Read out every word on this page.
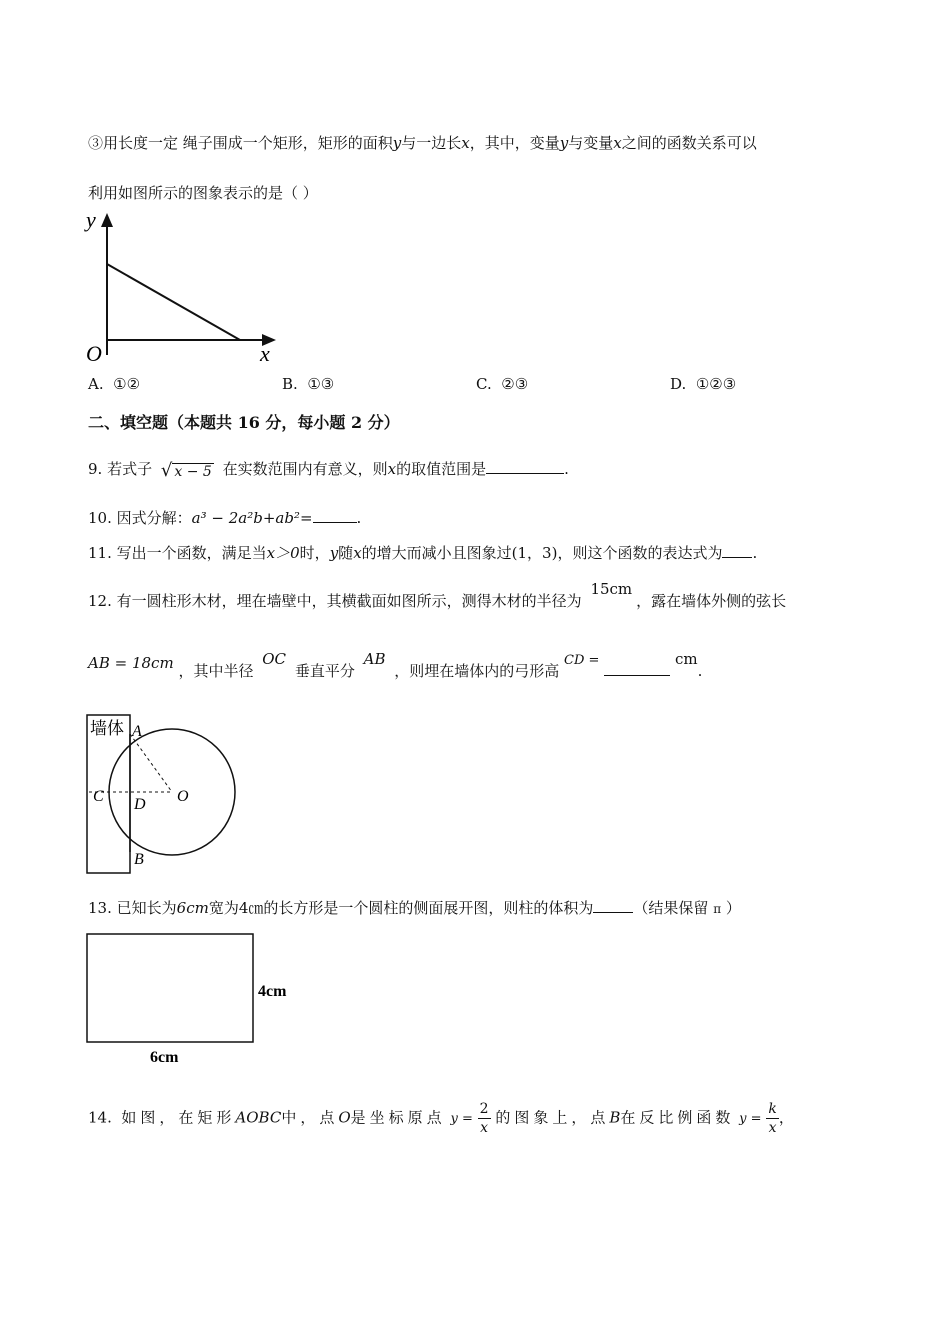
③用长度一定 绳子围成一个矩形，矩形的面积y与一边长x，其中，变量y与变量x之间的函数关系可以
利用如图所示的图象表示的是（ ）
y
x
O
A. ①②	B. ①③	C. ②③	D. ①②③
二、填空题（本题共 16 分，每小题 2 分）
9. 若式子 √ x − 5 在实数范围内有意义，则x的取值范围是	.
10. 因式分解：a³ − 2a²b+ab²=	.
11. 写出一个函数，满足当x＞0时，y随x的增大而减小且图象过(1，3)，则这个函数的表达式为 .
12. 有一圆柱形木材，埋在墙壁中，其横截面如图所示，测得木材的半径为 15cm，露在墙体外侧的弦长
AB = 18cm ，其中半径 OC 垂直平分 AB ，则埋在墙体内的弓形高 CD =	cm.
墙体 A
B
C D O
13. 已知长为6cm宽为4㎝的长方形是一个圆柱的侧面展开图，则柱的体积为	（结果保留 π ）
4cm
6cm
14. 如图，在矩形AOBC中，点O是坐标原点 $y = \frac{2}{x}$ 的图象上，点B在反比例函数 $y = \frac{k}{x}$ ，
